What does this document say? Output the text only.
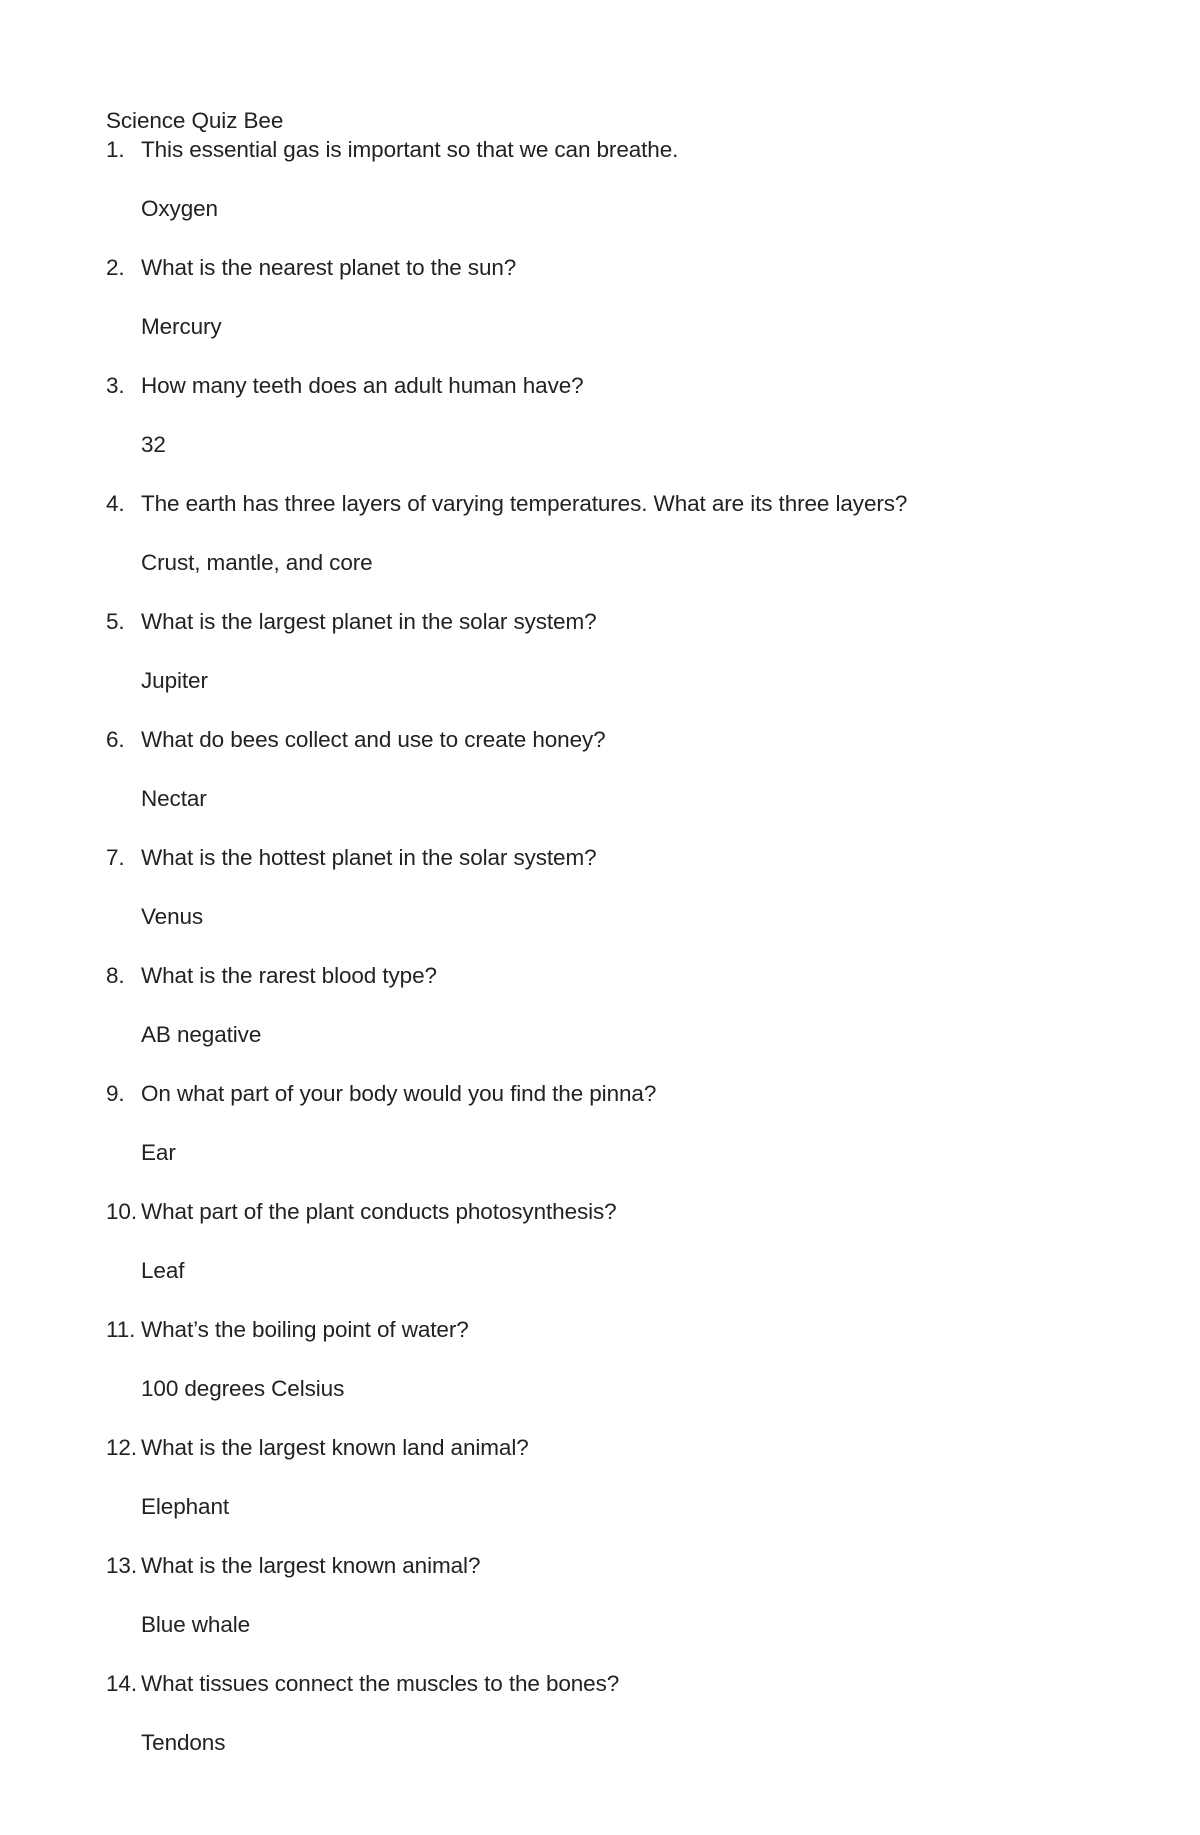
Science Quiz Bee
1. This essential gas is important so that we can breathe.
Oxygen
2. What is the nearest planet to the sun?
Mercury
3. How many teeth does an adult human have?
32
4. The earth has three layers of varying temperatures. What are its three layers?
Crust, mantle, and core
5. What is the largest planet in the solar system?
Jupiter
6. What do bees collect and use to create honey?
Nectar
7. What is the hottest planet in the solar system?
Venus
8. What is the rarest blood type?
AB negative
9. On what part of your body would you find the pinna?
Ear
10. What part of the plant conducts photosynthesis?
Leaf
11. What’s the boiling point of water?
100 degrees Celsius
12. What is the largest known land animal?
Elephant
13. What is the largest known animal?
Blue whale
14. What tissues connect the muscles to the bones?
Tendons
